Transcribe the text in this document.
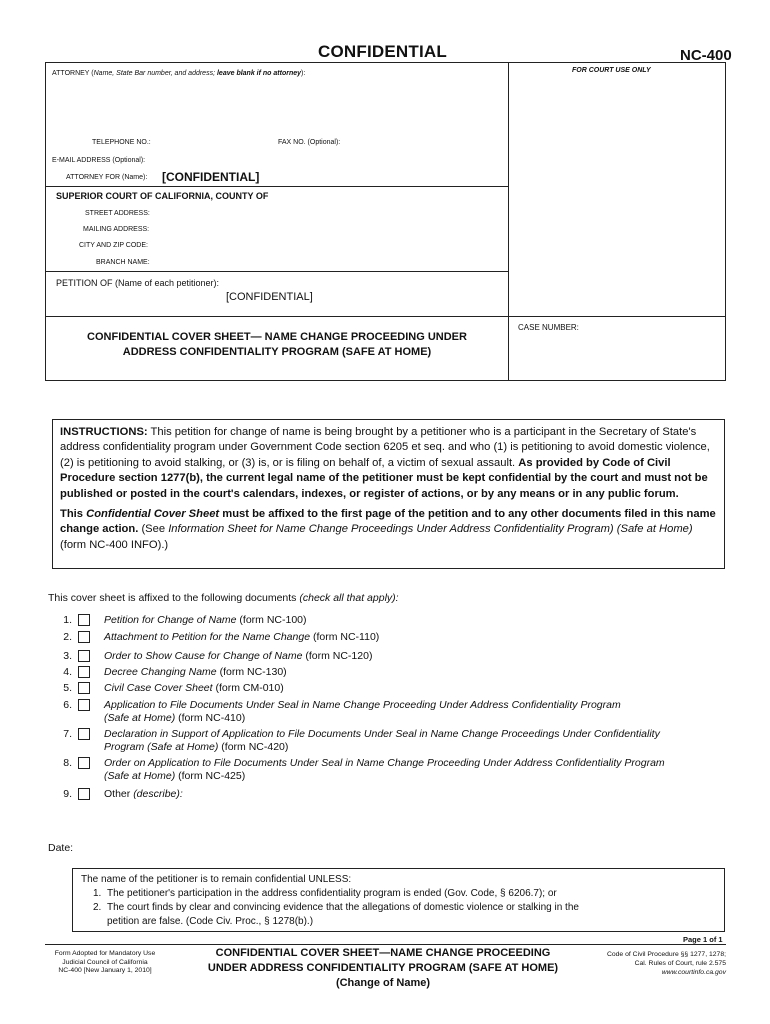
CONFIDENTIAL	NC-400
ATTORNEY (Name, State Bar number, and address; leave blank if no attorney):	FOR COURT USE ONLY
TELEPHONE NO.:	FAX NO. (Optional):
E-MAIL ADDRESS (Optional):
ATTORNEY FOR (Name): [CONFIDENTIAL]
SUPERIOR COURT OF CALIFORNIA, COUNTY OF
STREET ADDRESS:
MAILING ADDRESS:
CITY AND ZIP CODE:
BRANCH NAME:
PETITION OF (Name of each petitioner):
[CONFIDENTIAL]
CONFIDENTIAL COVER SHEET— NAME CHANGE PROCEEDING UNDER
ADDRESS CONFIDENTIALITY PROGRAM (SAFE AT HOME)
CASE NUMBER:

INSTRUCTIONS: This petition for change of name is being brought by a petitioner who is a participant in the Secretary of State's address confidentiality program under Government Code section 6205 et seq. and who (1) is petitioning to avoid domestic violence, (2) is petitioning to avoid stalking, or (3) is, or is filing on behalf of, a victim of sexual assault. As provided by Code of Civil Procedure section 1277(b), the current legal name of the petitioner must be kept confidential by the court and must not be published or posted in the court's calendars, indexes, or register of actions, or by any means or in any public forum.

This Confidential Cover Sheet must be affixed to the first page of the petition and to any other documents filed in this name change action. (See Information Sheet for Name Change Proceedings Under Address Confidentiality Program) (Safe at Home) (form NC-400 INFO).)

This cover sheet is affixed to the following documents (check all that apply):
1.	Petition for Change of Name (form NC-100)
2.	Attachment to Petition for the Name Change (form NC-110)
3.	Order to Show Cause for Change of Name (form NC-120)
4.	Decree Changing Name (form NC-130)
5.	Civil Case Cover Sheet (form CM-010)
6.	Application to File Documents Under Seal in Name Change Proceeding Under Address Confidentiality Program
(Safe at Home) (form NC-410)
7.	Declaration in Support of Application to File Documents Under Seal in Name Change Proceedings Under Confidentiality
Program (Safe at Home) (form NC-420)
8.	Order on Application to File Documents Under Seal in Name Change Proceeding Under Address Confidentiality Program
(Safe at Home) (form NC-425)
9.	Other (describe):
Date:
The name of the petitioner is to remain confidential UNLESS:
1. The petitioner's participation in the address confidentiality program is ended (Gov. Code, § 6206.7); or
2. The court finds by clear and convincing evidence that the allegations of domestic violence or stalking in the
petition are false. (Code Civ. Proc., § 1278(b).)
Page 1 of 1
Form Adopted for Mandatory Use
Judicial Council of California
NC-400 [New January 1, 2010]
CONFIDENTIAL COVER SHEET—NAME CHANGE PROCEEDING
UNDER ADDRESS CONFIDENTIALITY PROGRAM (SAFE AT HOME)
(Change of Name)
Code of Civil Procedure §§ 1277, 1278;
Cal. Rules of Court, rule 2.575
www.courtinfo.ca.gov
